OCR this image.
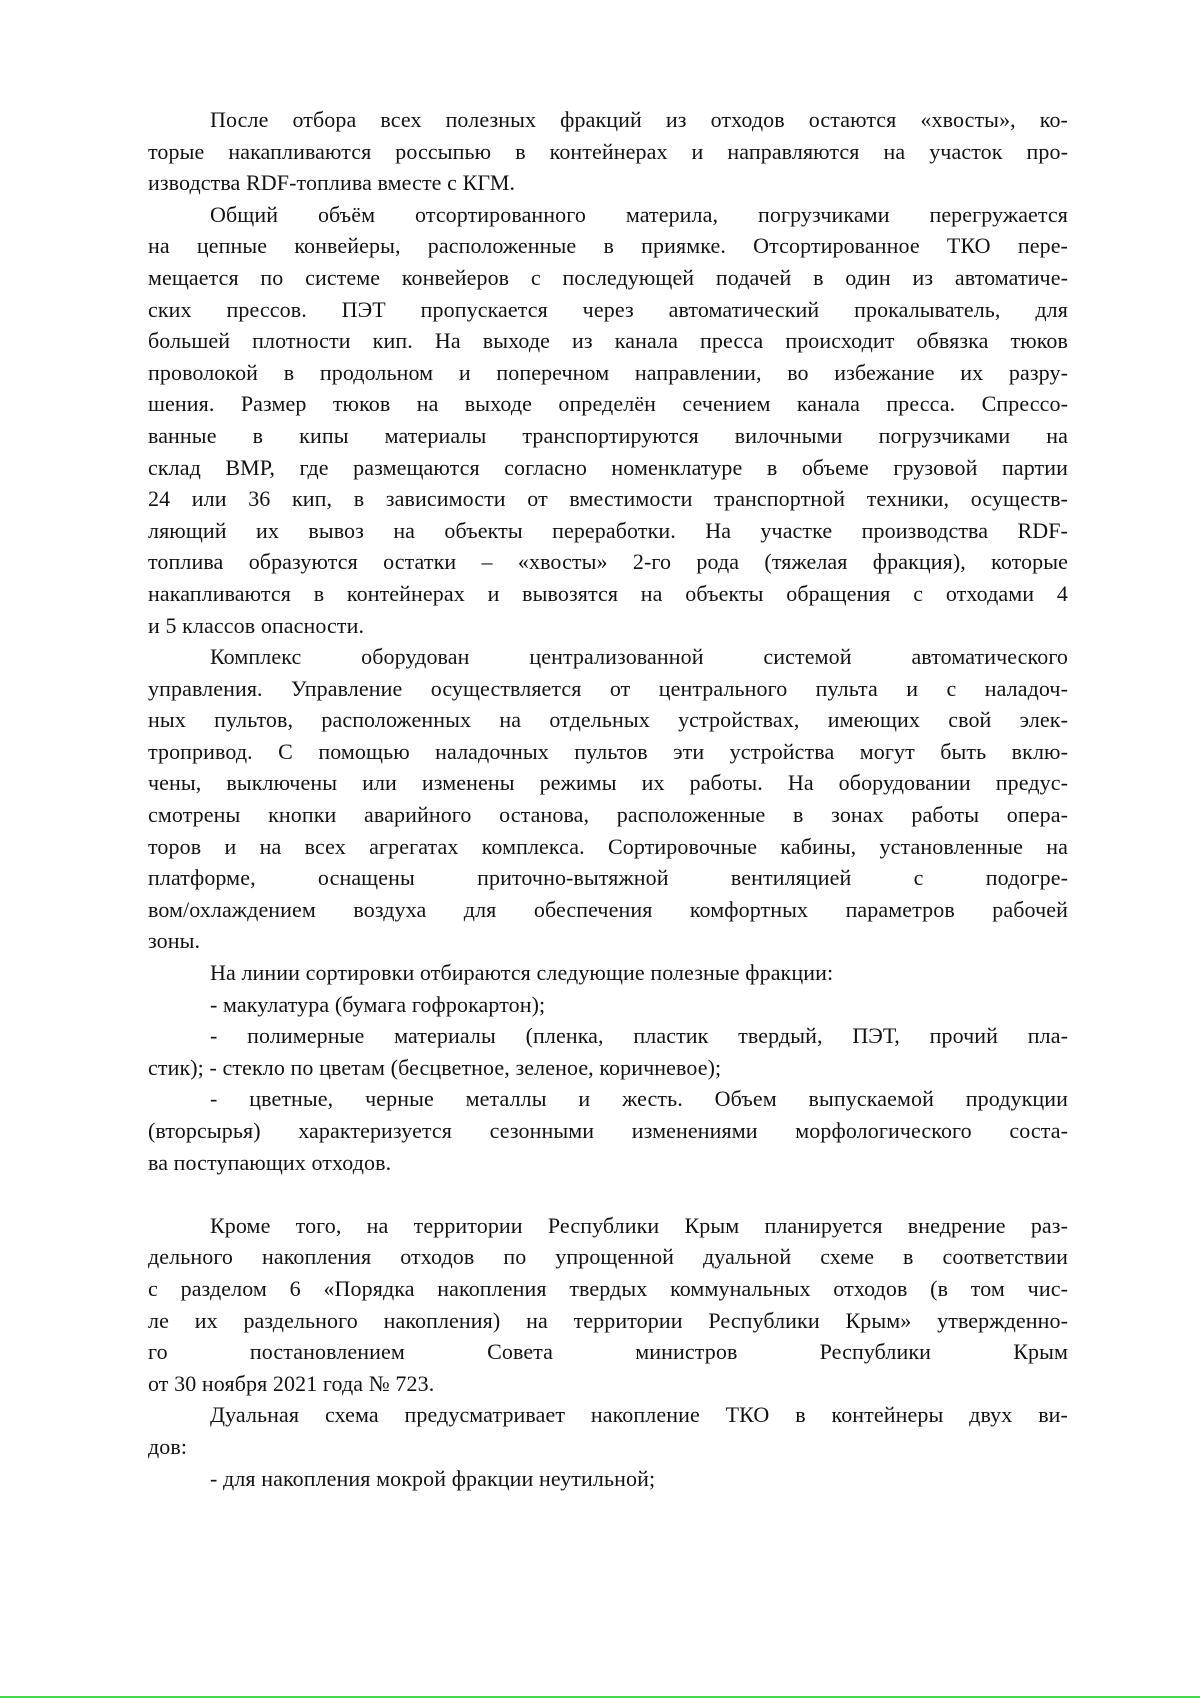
После отбора всех полезных фракций из отходов остаются «хвосты», ко-
торые накапливаются россыпью в контейнерах и направляются на участок про-
изводства RDF-топлива вместе с КГМ.
Общий объём отсортированного материла, погрузчиками перегружается
на цепные конвейеры, расположенные в приямке. Отсортированное ТКО пере-
мещается по системе конвейеров с последующей подачей в один из автоматиче-
ских прессов. ПЭТ пропускается через автоматический прокалыватель, для
большей плотности кип. На выходе из канала пресса происходит обвязка тюков
проволокой в продольном и поперечном направлении, во избежание их разру-
шения. Размер тюков на выходе определён сечением канала пресса. Спрессо-
ванные в кипы материалы транспортируются вилочными погрузчиками на
склад ВМР, где размещаются согласно номенклатуре в объеме грузовой партии
24 или 36 кип, в зависимости от вместимости транспортной техники, осуществ-
ляющий их вывоз на объекты переработки. На участке производства RDF-
топлива образуются остатки – «хвосты» 2-го рода (тяжелая фракция), которые
накапливаются в контейнерах и вывозятся на объекты обращения с отходами 4
и 5 классов опасности.
Комплекс оборудован централизованной системой автоматического
управления. Управление осуществляется от центрального пульта и с наладоч-
ных пультов, расположенных на отдельных устройствах, имеющих свой элек-
тропривод. С помощью наладочных пультов эти устройства могут быть вклю-
чены, выключены или изменены режимы их работы. На оборудовании предус-
смотрены кнопки аварийного останова, расположенные в зонах работы опера-
торов и на всех агрегатах комплекса. Сортировочные кабины, установленные на
платформе, оснащены приточно-вытяжной вентиляцией с подогре-
вом/охлаждением воздуха для обеспечения комфортных параметров рабочей
зоны.
На линии сортировки отбираются следующие полезные фракции:
- макулатура (бумага гофрокартон);
- полимерные материалы (пленка, пластик твердый, ПЭТ, прочий пла-
стик); - стекло по цветам (бесцветное, зеленое, коричневое);
- цветные, черные металлы и жесть. Объем выпускаемой продукции
(вторсырья) характеризуется сезонными изменениями морфологического соста-
ва поступающих отходов.
Кроме того, на территории Республики Крым планируется внедрение раз-
дельного накопления отходов по упрощенной дуальной схеме в соответствии
с разделом 6 «Порядка накопления твердых коммунальных отходов (в том чис-
ле их раздельного накопления) на территории Республики Крым» утвержденно-
го постановлением Совета министров Республики Крым
от 30 ноября 2021 года № 723.
Дуальная схема предусматривает накопление ТКО в контейнеры двух ви-
дов:
- для накопления мокрой фракции неутильной;
